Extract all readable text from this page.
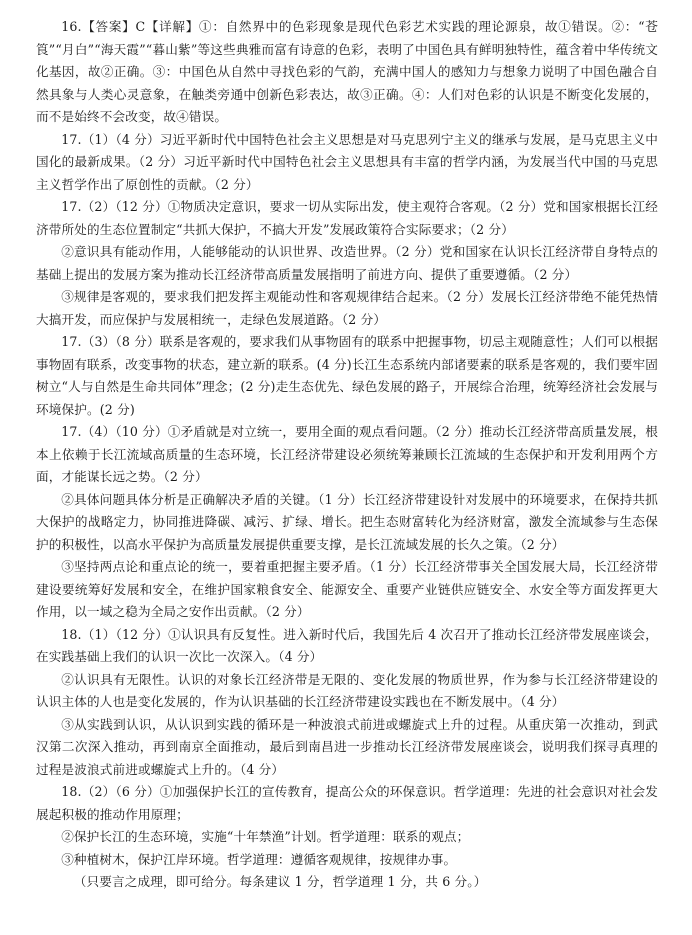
16.【答案】C【详解】①：自然界中的色彩现象是现代色彩艺术实践的理论源泉，故①错误。②：“苍筤”“月白”“海天霞”“暮山紫”等这些典雅而富有诗意的色彩，表明了中国色具有鲜明独特性，蕴含着中华传统文化基因，故②正确。③：中国色从自然中寻找色彩的气韵，充满中国人的感知力与想象力说明了中国色融合自然具象与人类心灵意象，在触类旁通中创新色彩表达，故③正确。④：人们对色彩的认识是不断变化发展的，而不是始终不会改变，故④错误。

17.（1）（4 分）习近平新时代中国特色社会主义思想是对马克思列宁主义的继承与发展，是马克思主义中国化的最新成果。（2 分）习近平新时代中国特色社会主义思想具有丰富的哲学内涵，为发展当代中国的马克思主义哲学作出了原创性的贡献。（2 分）

17.（2）（12 分）①物质决定意识，要求一切从实际出发，使主观符合客观。（2 分）党和国家根据长江经济带所处的生态位置制定“共抓大保护，不搞大开发”发展政策符合实际要求；（2 分）

②意识具有能动作用，人能够能动的认识世界、改造世界。（2 分）党和国家在认识长江经济带自身特点的基础上提出的发展方案为推动长江经济带高质量发展指明了前进方向、提供了重要遵循。（2 分）

③规律是客观的，要求我们把发挥主观能动性和客观规律结合起来。（2 分）发展长江经济带绝不能凭热情大搞开发，而应保护与发展相统一，走绿色发展道路。（2 分）

17.（3）（8 分）联系是客观的，要求我们从事物固有的联系中把握事物，切忌主观随意性；人们可以根据事物固有联系，改变事物的状态，建立新的联系。(4 分)长江生态系统内部诸要素的联系是客观的，我们要牢固树立“人与自然是生命共同体”理念；(2 分)走生态优先、绿色发展的路子，开展综合治理，统筹经济社会发展与环境保护。(2 分)

17.（4）（10 分）①矛盾就是对立统一，要用全面的观点看问题。（2 分）推动长江经济带高质量发展，根本上依赖于长江流域高质量的生态环境，长江经济带建设必须统筹兼顾长江流域的生态保护和开发利用两个方面，才能谋长远之势。（2 分）

②具体问题具体分析是正确解决矛盾的关键。（1 分）长江经济带建设针对发展中的环境要求，在保持共抓大保护的战略定力，协同推进降碳、减污、扩绿、增长。把生态财富转化为经济财富，激发全流域参与生态保护的积极性，以高水平保护为高质量发展提供重要支撑，是长江流域发展的长久之策。（2 分）

③坚持两点论和重点论的统一，要着重把握主要矛盾。（1 分）长江经济带事关全国发展大局，长江经济带建设要统筹好发展和安全，在维护国家粮食安全、能源安全、重要产业链供应链安全、水安全等方面发挥更大作用，以一域之稳为全局之安作出贡献。（2 分）

18.（1）（12 分）①认识具有反复性。进入新时代后，我国先后 4 次召开了推动长江经济带发展座谈会，在实践基础上我们的认识一次比一次深入。（4 分）

②认识具有无限性。认识的对象长江经济带是无限的、变化发展的物质世界，作为参与长江经济带建设的认识主体的人也是变化发展的，作为认识基础的长江经济带建设实践也在不断发展中。（4 分）

③从实践到认识，从认识到实践的循环是一种波浪式前进或螺旋式上升的过程。从重庆第一次推动，到武汉第二次深入推动，再到南京全面推动，最后到南昌进一步推动长江经济带发展座谈会，说明我们探寻真理的过程是波浪式前进或螺旋式上升的。（4 分）

18.（2）（6 分）①加强保护长江的宣传教育，提高公众的环保意识。哲学道理：先进的社会意识对社会发展起积极的推动作用原理；

②保护长江的生态环境，实施“十年禁渔”计划。哲学道理：联系的观点；

③种植树木，保护江岸环境。哲学道理：遵循客观规律，按规律办事。

（只要言之成理，即可给分。每条建议 1 分，哲学道理 1 分，共 6 分。）
